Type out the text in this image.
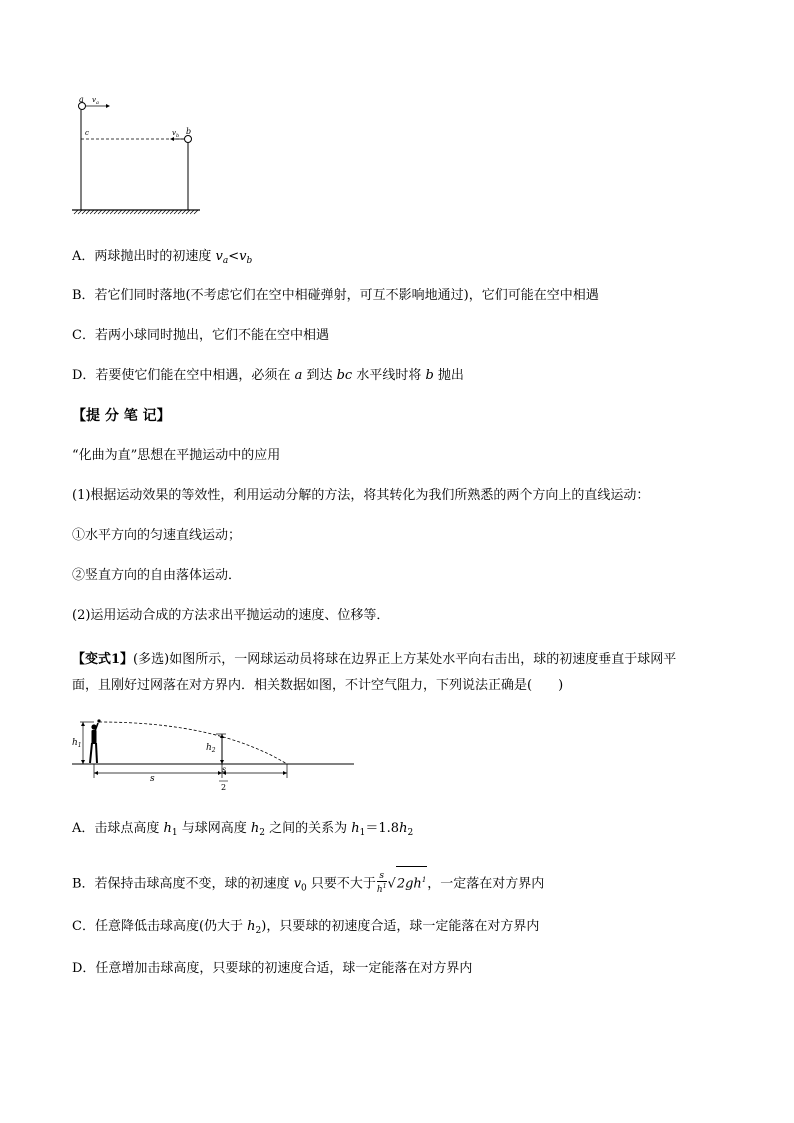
a $v_a$
c	$v_b$ b
A．两球抛出时的初速度 $v_a<v_b$
B．若它们同时落地(不考虑它们在空中相碰弹射，可互不影响地通过)，它们可能在空中相遇
C．若两小球同时抛出，它们不能在空中相遇
D．若要使它们能在空中相遇，必须在 a 到达 bc 水平线时将 b 抛出
【提 分 笔 记】
“化曲为直”思想在平抛运动中的应用
(1)根据运动效果的等效性，利用运动分解的方法，将其转化为我们所熟悉的两个方向上的直线运动：
①水平方向的匀速直线运动；
②竖直方向的自由落体运动．
(2)运用运动合成的方法求出平抛运动的速度、位移等．
【变式1】(多选)如图所示，一网球运动员将球在边界正上方某处水平向右击出，球的初速度垂直于球网平
面，且刚好过网落在对方界内．相关数据如图，不计空气阻力，下列说法正确是(　　)
$h_1$	$h_2$
s
s
2
A．击球点高度 $h_1$ 与球网高度 $h_2$ 之间的关系为 $h_1=1.8h_2$
B．若保持击球高度不变，球的初速度 $v_0$ 只要不大于 $\frac{s}{h^1} √2gh^1$，一定落在对方界内
C．任意降低击球高度(仍大于 $h_2$)，只要球的初速度合适，球一定能落在对方界内
D．任意增加击球高度，只要球的初速度合适，球一定能落在对方界内
